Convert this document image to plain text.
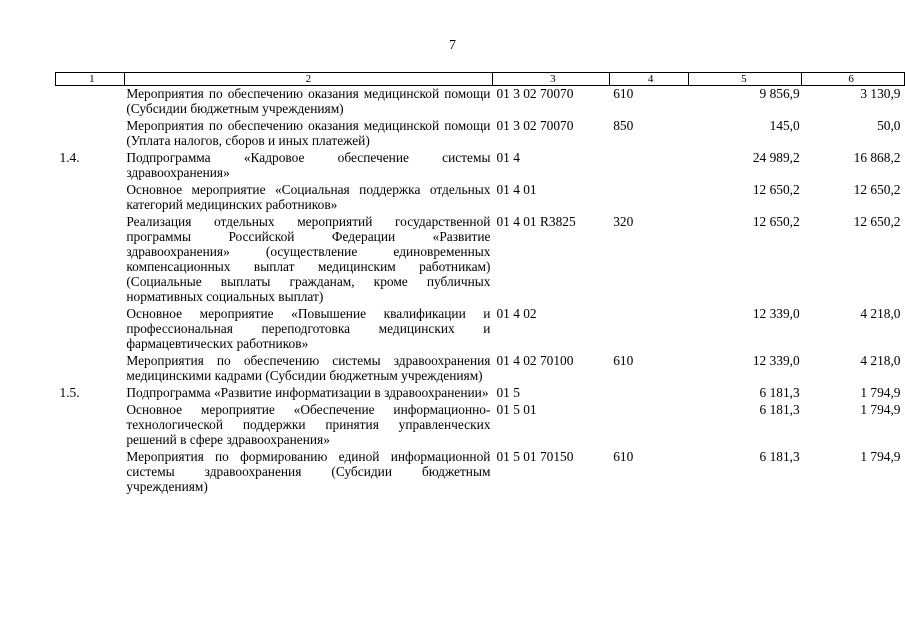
7
1	2	3	4	5	6
	Мероприятия по обеспечению оказания медицинской помощи (Субсидии бюджетным учреждениям)	01 3 02 70070	610	9 856,9	3 130,9
	Мероприятия по обеспечению оказания медицинской помощи (Уплата налогов, сборов и иных платежей)	01 3 02 70070	850	145,0	50,0
1.4.	Подпрограмма «Кадровое обеспечение системы здравоохранения»	01 4		24 989,2	16 868,2
	Основное мероприятие «Социальная поддержка отдельных категорий медицинских работников»	01 4 01		12 650,2	12 650,2
	Реализация отдельных мероприятий государственной программы Российской Федерации «Развитие здравоохранения» (осуществление единовременных компенсационных выплат медицинским работникам) (Социальные выплаты гражданам, кроме публичных нормативных социальных выплат)	01 4 01 R3825	320	12 650,2	12 650,2
	Основное мероприятие «Повышение квалификации и профессиональная переподготовка медицинских и фармацевтических работников»	01 4 02		12 339,0	4 218,0
	Мероприятия по обеспечению системы здравоохранения медицинскими кадрами (Субсидии бюджетным учреждениям)	01 4 02 70100	610	12 339,0	4 218,0
1.5.	Подпрограмма «Развитие информатизации в здравоохранении»	01 5		6 181,3	1 794,9
	Основное мероприятие «Обеспечение информационно-технологической поддержки принятия управленческих решений в сфере здравоохранения»	01 5 01		6 181,3	1 794,9
	Мероприятия по формированию единой информационной системы здравоохранения (Субсидии бюджетным учреждениям)	01 5 01 70150	610	6 181,3	1 794,9
